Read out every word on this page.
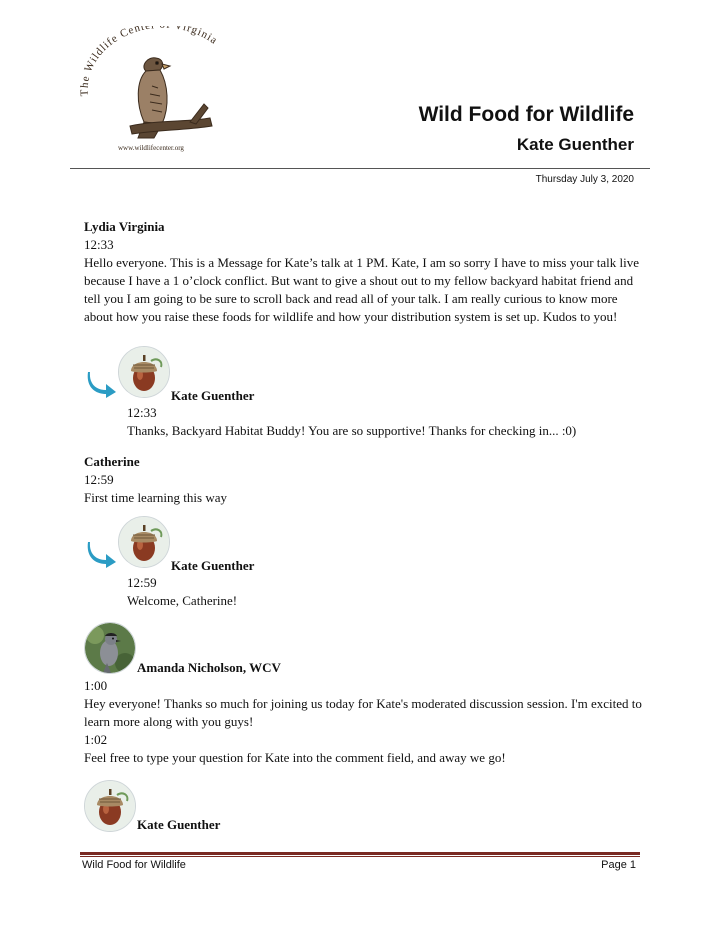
The Wildlife Cent Virginia
www.wildlifecenter.org
Wild Food for Wildlife
Kate Guenther
Thursday July 3, 2020
Lydia Virginia
12:33

Hello everyone. This is a Message for Kate’s talk at 1 PM. Kate, I am so sorry I have to miss your talk live because I have a 1 o’clock conflict. But want to give a shout out to my fellow backyard habitat friend and tell you I am going to be sure to scroll back and read all of your talk. I am really curious to know more about how you raise these foods for wildlife and how your distribution system is set up. Kudos to you!

Kate Guenther
12:33

Thanks, Backyard Habitat Buddy! You are so supportive! Thanks for checking in... :0)

Catherine
12:59

First time learning this way

Kate Guenther
12:59

Welcome, Catherine!

Amanda Nicholson, WCV
1:00

Hey everyone! Thanks so much for joining us today for Kate's moderated discussion session. I'm excited to learn more along with you guys!

1:02

Feel free to type your question for Kate into the comment field, and away we go!

Kate Guenther
Wild Food for Wildlife	Page 1
